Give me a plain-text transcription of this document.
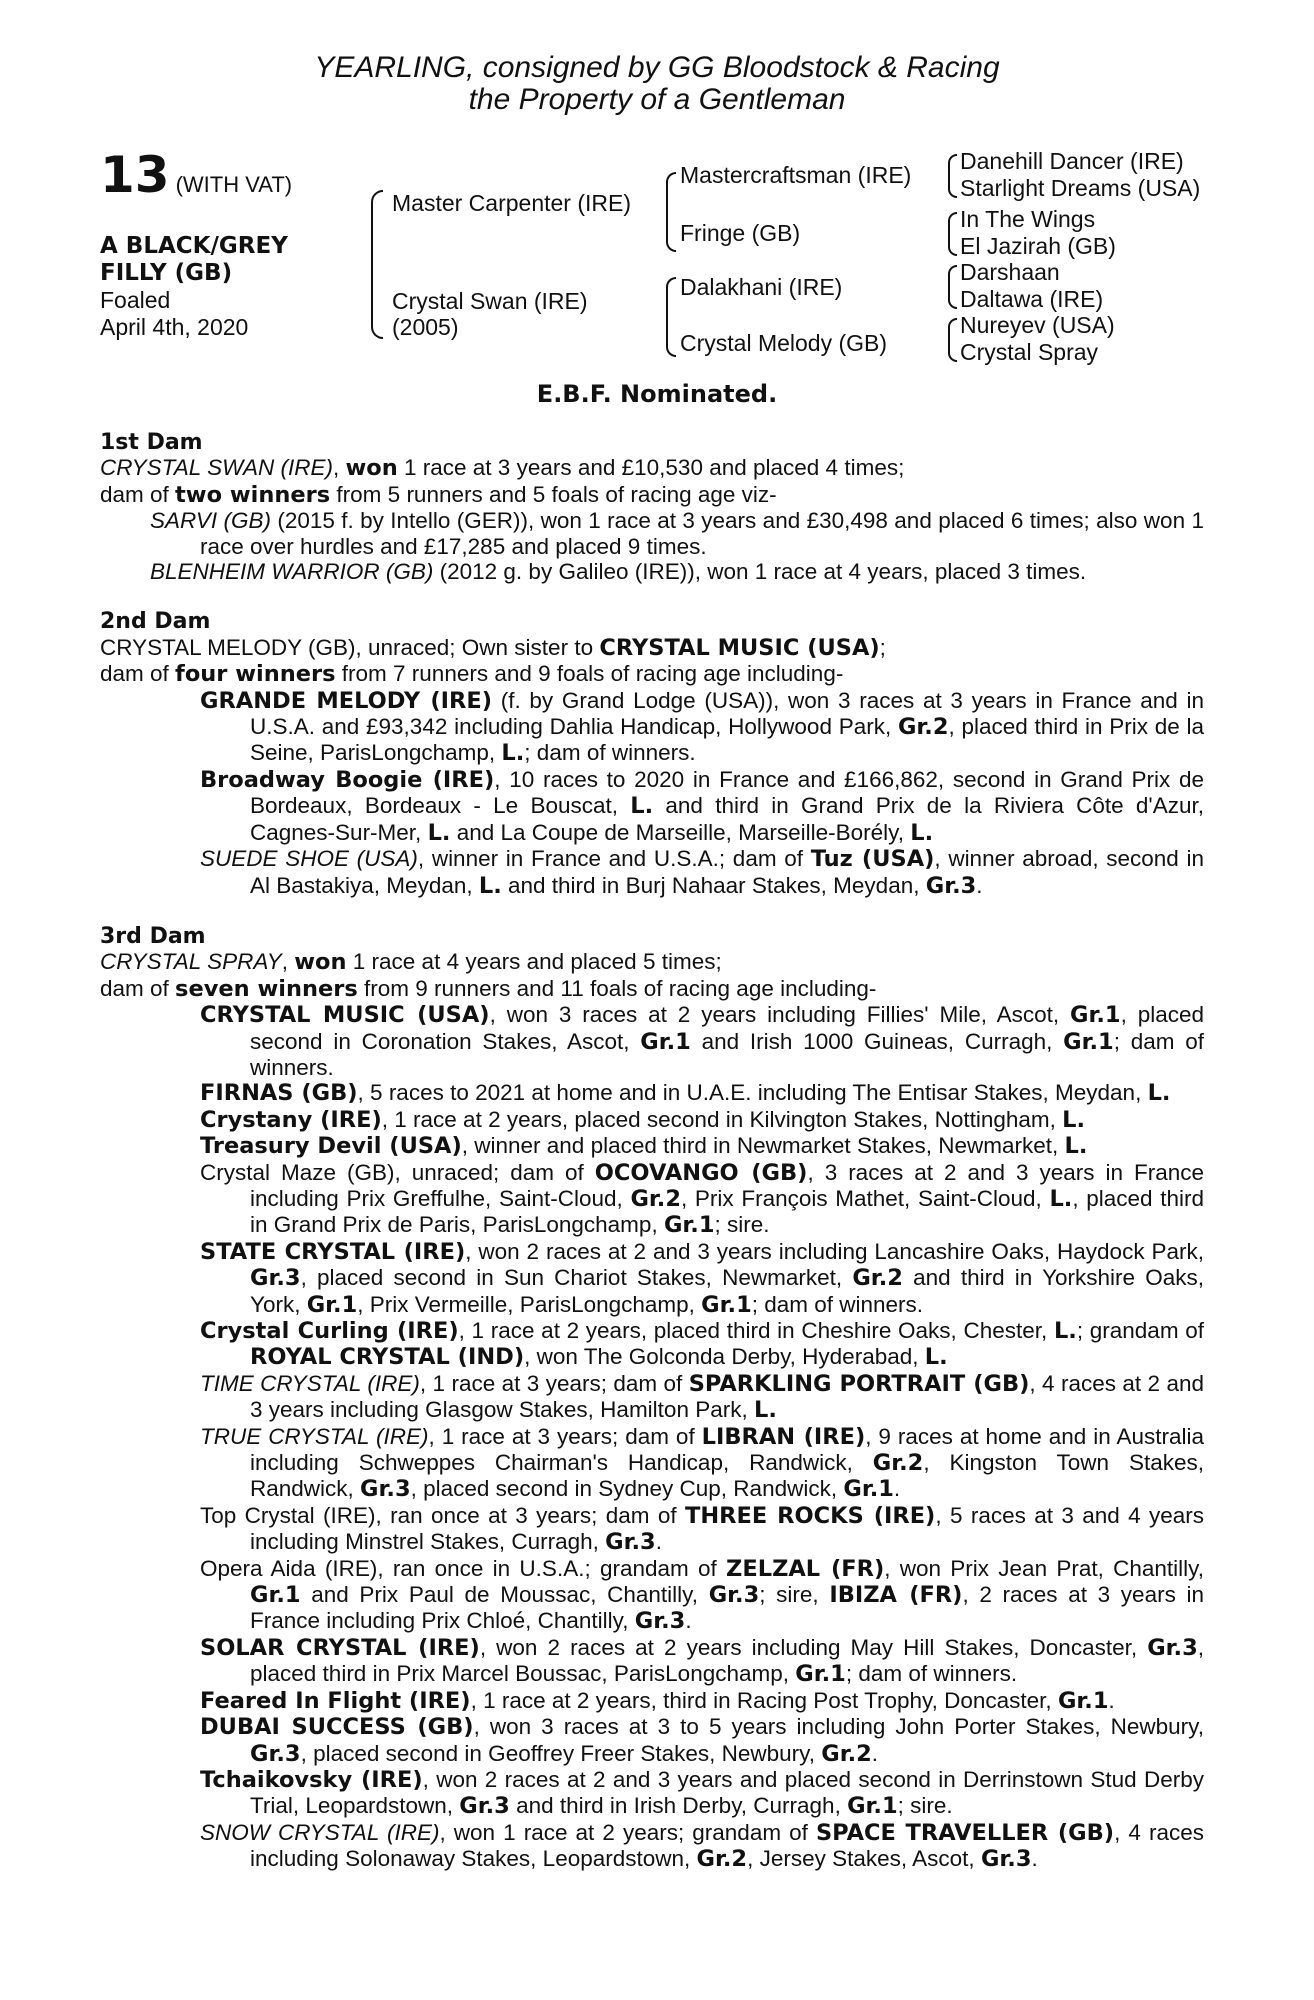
YEARLING, consigned by GG Bloodstock & Racing
the Property of a Gentleman
13 (WITH VAT)
A BLACK/GREY
FILLY (GB)
Foaled
April 4th, 2020
Master Carpenter (IRE)
Crystal Swan (IRE)
(2005)
Mastercraftsman (IRE)
Fringe (GB)
Dalakhani (IRE)
Crystal Melody (GB)
Danehill Dancer (IRE)
Starlight Dreams (USA)
In The Wings
El Jazirah (GB)
Darshaan
Daltawa (IRE)
Nureyev (USA)
Crystal Spray
E.B.F. Nominated.
1st Dam
CRYSTAL SWAN (IRE), won 1 race at 3 years and £10,530 and placed 4 times;
dam of two winners from 5 runners and 5 foals of racing age viz-
SARVI (GB) (2015 f. by Intello (GER)), won 1 race at 3 years and £30,498 and placed 6 times; also won 1 race over hurdles and £17,285 and placed 9 times.
BLENHEIM WARRIOR (GB) (2012 g. by Galileo (IRE)), won 1 race at 4 years, placed 3 times.
2nd Dam
CRYSTAL MELODY (GB), unraced; Own sister to CRYSTAL MUSIC (USA);
dam of four winners from 7 runners and 9 foals of racing age including-
GRANDE MELODY (IRE) (f. by Grand Lodge (USA)), won 3 races at 3 years in France and in U.S.A. and £93,342 including Dahlia Handicap, Hollywood Park, Gr.2, placed third in Prix de la Seine, ParisLongchamp, L.; dam of winners.
Broadway Boogie (IRE), 10 races to 2020 in France and £166,862, second in Grand Prix de Bordeaux, Bordeaux - Le Bouscat, L. and third in Grand Prix de la Riviera Côte d'Azur, Cagnes-Sur-Mer, L. and La Coupe de Marseille, Marseille-Borély, L.
SUEDE SHOE (USA), winner in France and U.S.A.; dam of Tuz (USA), winner abroad, second in Al Bastakiya, Meydan, L. and third in Burj Nahaar Stakes, Meydan, Gr.3.
3rd Dam
CRYSTAL SPRAY, won 1 race at 4 years and placed 5 times;
dam of seven winners from 9 runners and 11 foals of racing age including-
CRYSTAL MUSIC (USA), won 3 races at 2 years including Fillies' Mile, Ascot, Gr.1, placed second in Coronation Stakes, Ascot, Gr.1 and Irish 1000 Guineas, Curragh, Gr.1; dam of winners.
FIRNAS (GB), 5 races to 2021 at home and in U.A.E. including The Entisar Stakes, Meydan, L.
Crystany (IRE), 1 race at 2 years, placed second in Kilvington Stakes, Nottingham, L.
Treasury Devil (USA), winner and placed third in Newmarket Stakes, Newmarket, L.
Crystal Maze (GB), unraced; dam of OCOVANGO (GB), 3 races at 2 and 3 years in France including Prix Greffulhe, Saint-Cloud, Gr.2, Prix François Mathet, Saint-Cloud, L., placed third in Grand Prix de Paris, ParisLongchamp, Gr.1; sire.
STATE CRYSTAL (IRE), won 2 races at 2 and 3 years including Lancashire Oaks, Haydock Park, Gr.3, placed second in Sun Chariot Stakes, Newmarket, Gr.2 and third in Yorkshire Oaks, York, Gr.1, Prix Vermeille, ParisLongchamp, Gr.1; dam of winners.
Crystal Curling (IRE), 1 race at 2 years, placed third in Cheshire Oaks, Chester, L.; grandam of ROYAL CRYSTAL (IND), won The Golconda Derby, Hyderabad, L.
TIME CRYSTAL (IRE), 1 race at 3 years; dam of SPARKLING PORTRAIT (GB), 4 races at 2 and 3 years including Glasgow Stakes, Hamilton Park, L.
TRUE CRYSTAL (IRE), 1 race at 3 years; dam of LIBRAN (IRE), 9 races at home and in Australia including Schweppes Chairman's Handicap, Randwick, Gr.2, Kingston Town Stakes, Randwick, Gr.3, placed second in Sydney Cup, Randwick, Gr.1.
Top Crystal (IRE), ran once at 3 years; dam of THREE ROCKS (IRE), 5 races at 3 and 4 years including Minstrel Stakes, Curragh, Gr.3.
Opera Aida (IRE), ran once in U.S.A.; grandam of ZELZAL (FR), won Prix Jean Prat, Chantilly, Gr.1 and Prix Paul de Moussac, Chantilly, Gr.3; sire, IBIZA (FR), 2 races at 3 years in France including Prix Chloé, Chantilly, Gr.3.
SOLAR CRYSTAL (IRE), won 2 races at 2 years including May Hill Stakes, Doncaster, Gr.3, placed third in Prix Marcel Boussac, ParisLongchamp, Gr.1; dam of winners.
Feared In Flight (IRE), 1 race at 2 years, third in Racing Post Trophy, Doncaster, Gr.1.
DUBAI SUCCESS (GB), won 3 races at 3 to 5 years including John Porter Stakes, Newbury, Gr.3, placed second in Geoffrey Freer Stakes, Newbury, Gr.2.
Tchaikovsky (IRE), won 2 races at 2 and 3 years and placed second in Derrinstown Stud Derby Trial, Leopardstown, Gr.3 and third in Irish Derby, Curragh, Gr.1; sire.
SNOW CRYSTAL (IRE), won 1 race at 2 years; grandam of SPACE TRAVELLER (GB), 4 races including Solonaway Stakes, Leopardstown, Gr.2, Jersey Stakes, Ascot, Gr.3.
